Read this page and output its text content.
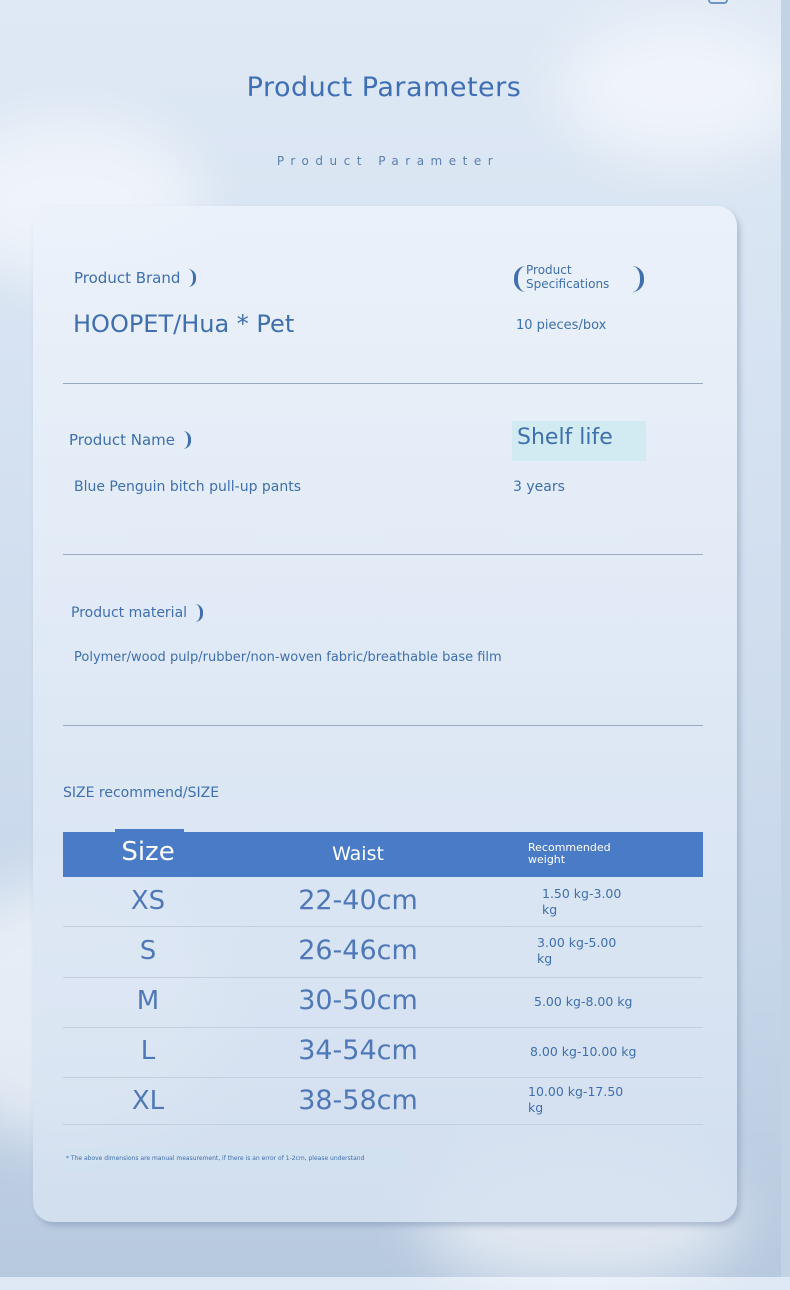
Product Parameters
Product Parameter
Product Brand
HOOPET/Hua * Pet
Product
Specifications
10 pieces/box
Product Name
Blue Penguin bitch pull-up pants
Shelf life
3 years
Product material
Polymer/wood pulp/rubber/non-woven fabric/breathable base film
SIZE recommend/SIZE
Size	Waist	Recommended
weight
XS	22-40cm	1.50 kg-3.00
kg
S	26-46cm	3.00 kg-5.00
kg
M	30-50cm	5.00 kg-8.00 kg
L	34-54cm	8.00 kg-10.00 kg
XL	38-58cm	10.00 kg-17.50
kg
* The above dimensions are manual measurement, if there is an error of 1-2cm, please understand
